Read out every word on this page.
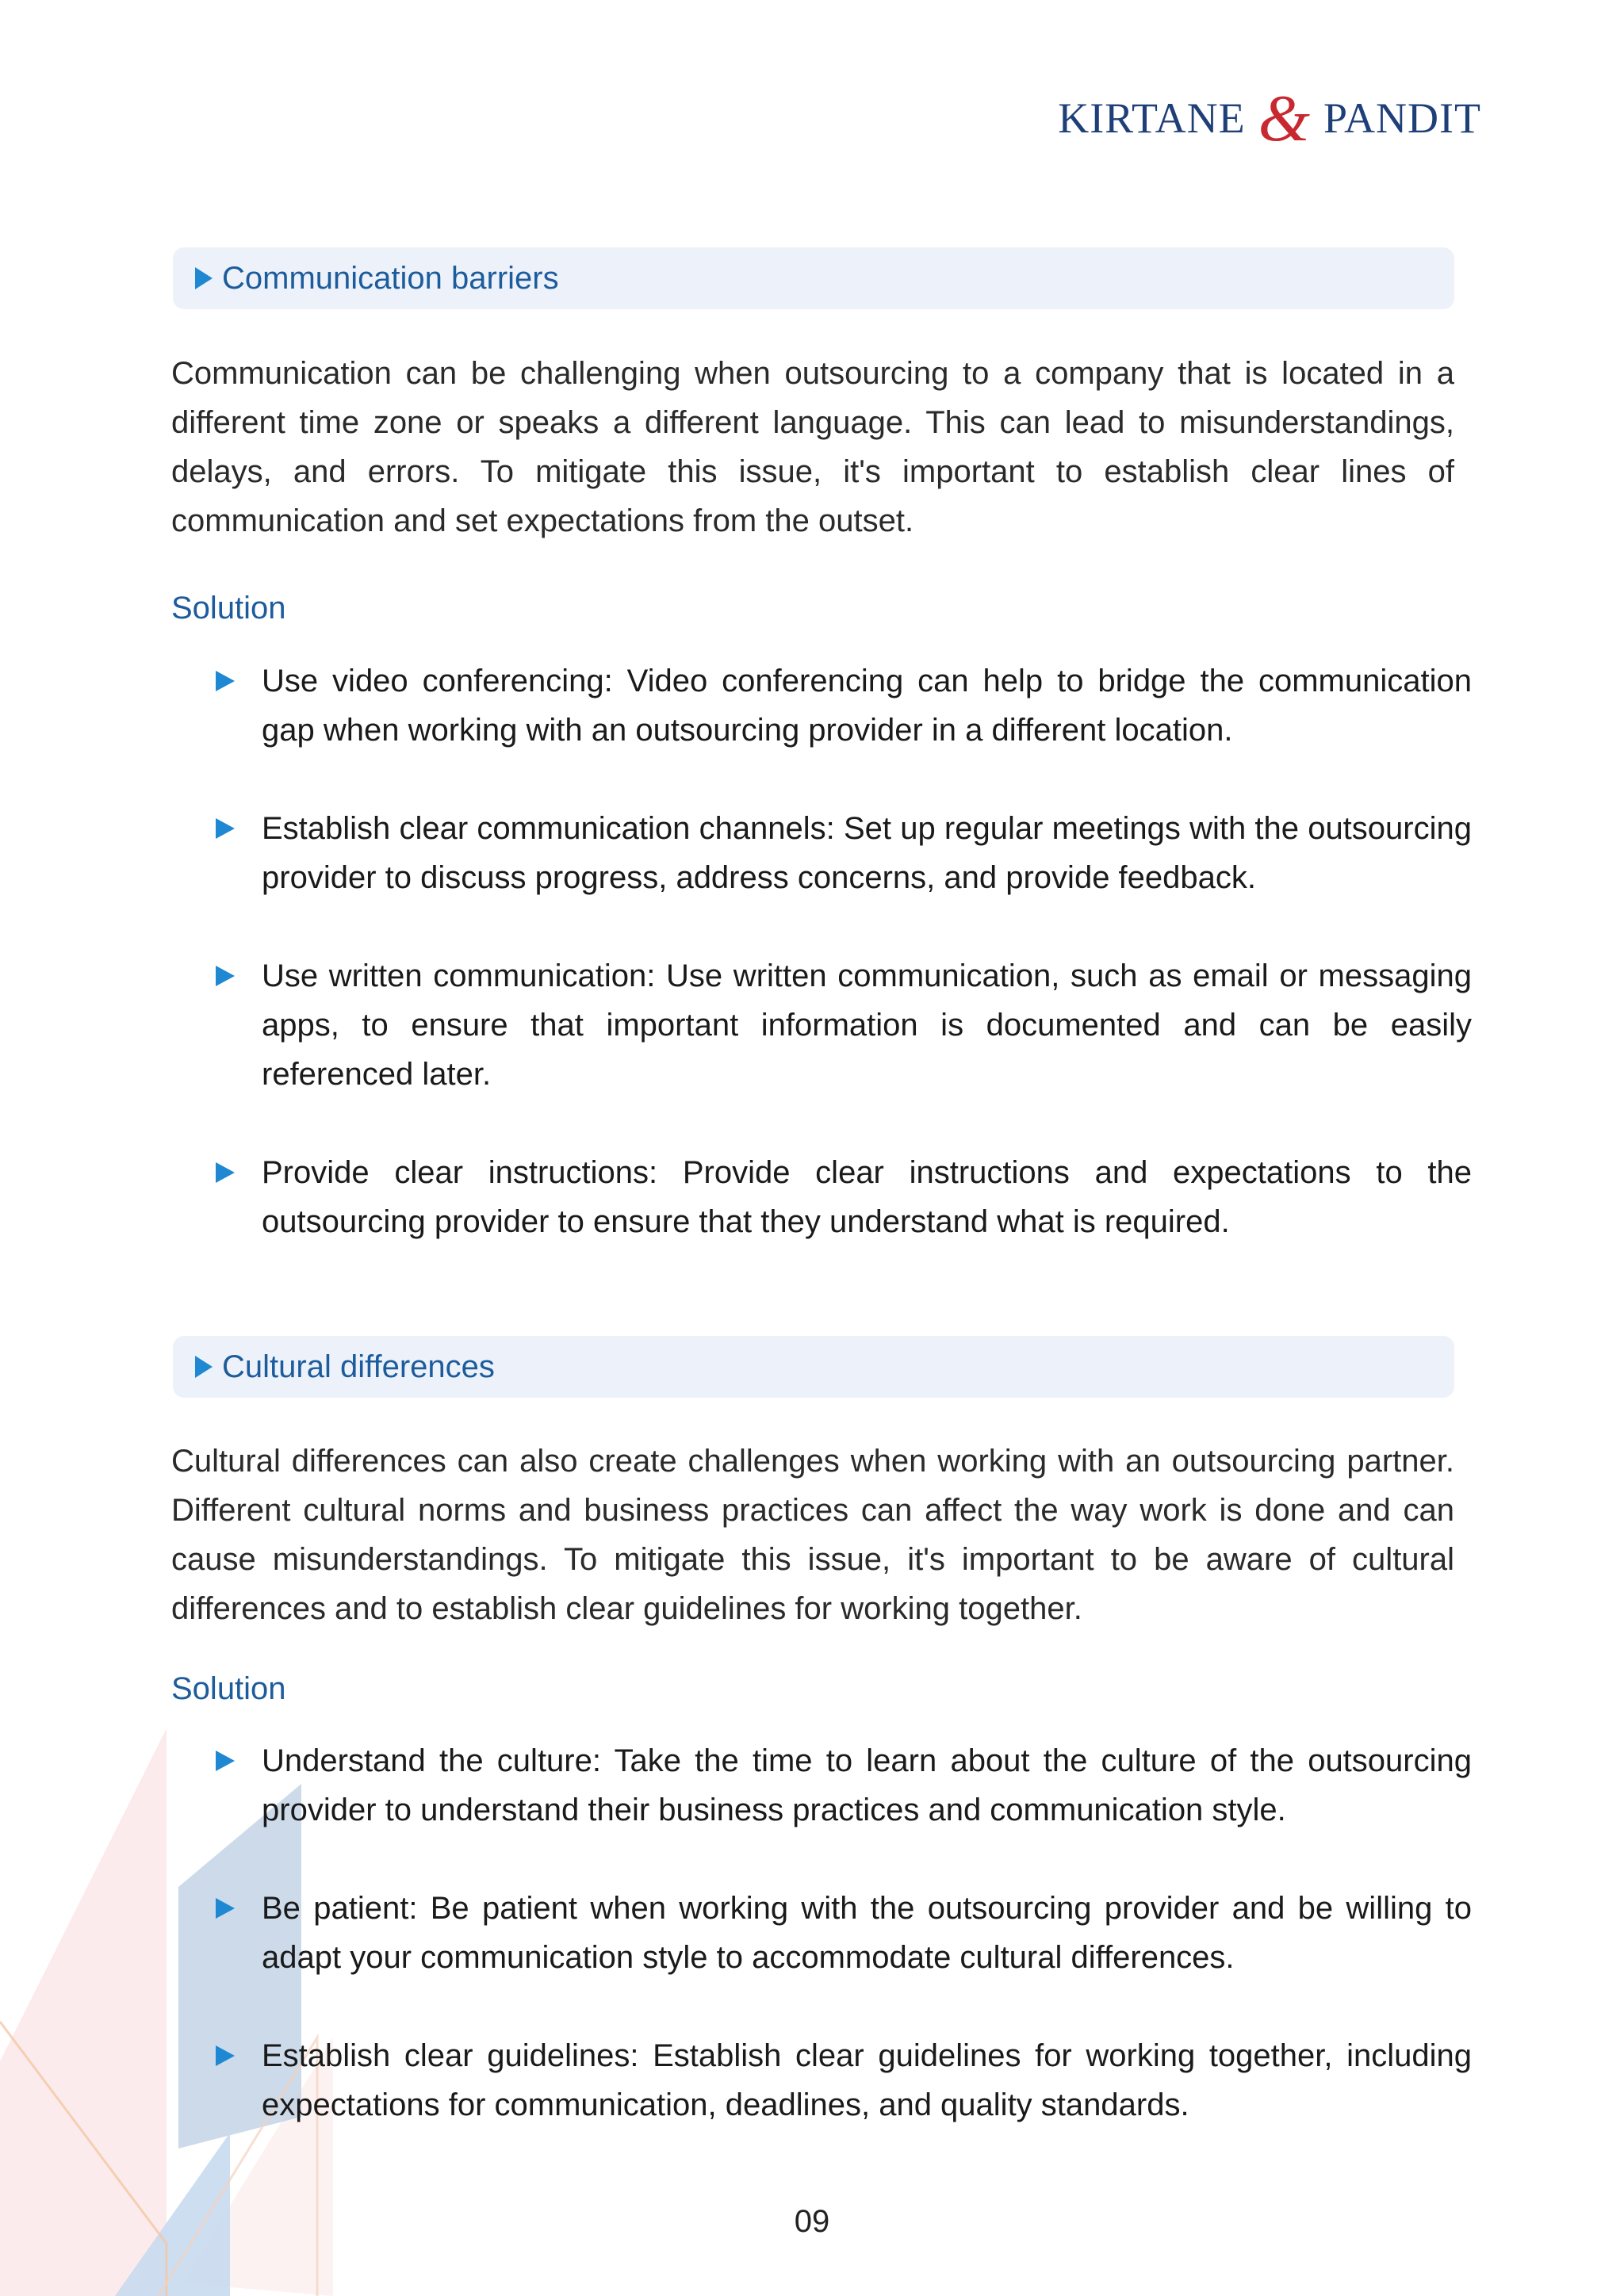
KIRTANE & PANDIT
Communication barriers

Communication can be challenging when outsourcing to a company that is located in a different time zone or speaks a different language. This can lead to misunderstandings, delays, and errors. To mitigate this issue, it's important to establish clear lines of communication and set expectations from the outset.

Solution

Use video conferencing: Video conferencing can help to bridge the communication gap when working with an outsourcing provider in a different location.

Establish clear communication channels: Set up regular meetings with the outsourcing provider to discuss progress, address concerns, and provide feedback.

Use written communication: Use written communication, such as email or messaging apps, to ensure that important information is documented and can be easily referenced later.

Provide clear instructions: Provide clear instructions and expectations to the outsourcing provider to ensure that they understand what is required.

Cultural differences

Cultural differences can also create challenges when working with an outsourcing partner. Different cultural norms and business practices can affect the way work is done and can cause misunderstandings. To mitigate this issue, it's important to be aware of cultural differences and to establish clear guidelines for working together.

Solution

Understand the culture: Take the time to learn about the culture of the outsourcing provider to understand their business practices and communication style.

Be patient: Be patient when working with the outsourcing provider and be willing to adapt your communication style to accommodate cultural differences.

Establish clear guidelines: Establish clear guidelines for working together, including expectations for communication, deadlines, and quality standards.

09
